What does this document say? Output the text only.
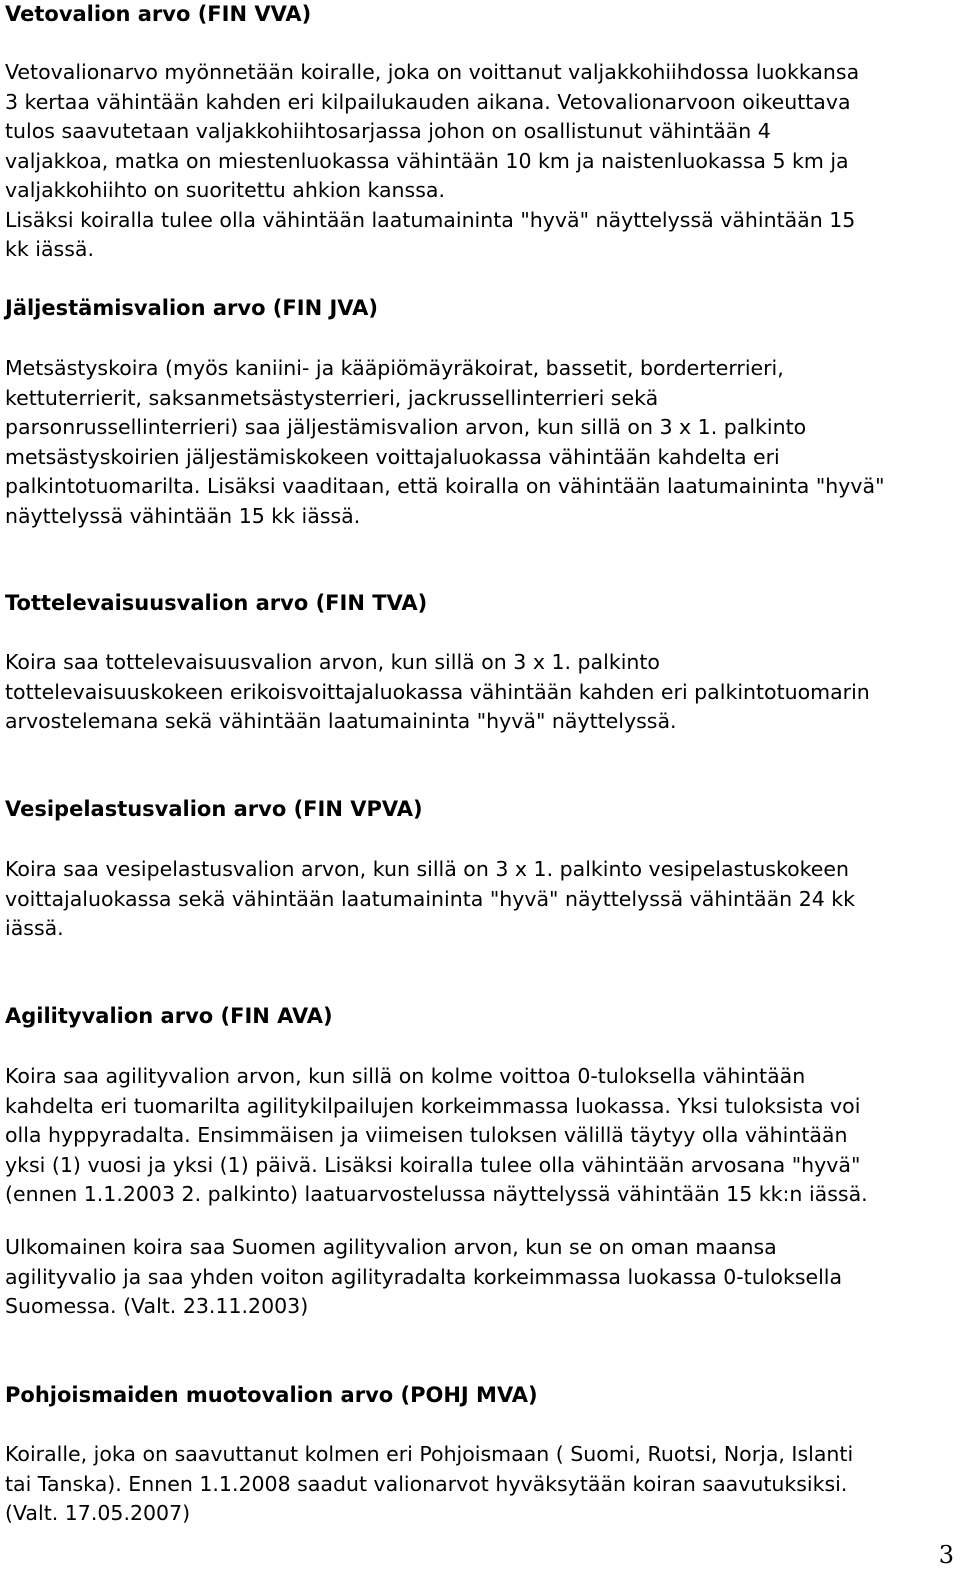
Vetovalion arvo (FIN VVA)

Vetovalionarvo myönnetään koiralle, joka on voittanut valjakkohiihdossa luokkansa
3 kertaa vähintään kahden eri kilpailukauden aikana. Vetovalionarvoon oikeuttava
tulos saavutetaan valjakkohiihtosarjassa johon on osallistunut vähintään 4
valjakkoa, matka on miestenluokassa vähintään 10 km ja naistenluokassa 5 km ja
valjakkohiihto on suoritettu ahkion kanssa.
Lisäksi koiralla tulee olla vähintään laatumainintа "hyvä" näyttelyssä vähintään 15
kk iässä.

Jäljestämisvalion arvo (FIN JVA)

Metsästyskoira (myös kaniini- ja kääpiömäyräkoirat, bassetit, borderterrieri,
kettuterrierit, saksanmetsästysterrieri, jackrussellinterrieri sekä
parsonrussellinterrieri) saa jäljestämisvalion arvon, kun sillä on 3 x 1. palkinto
metsästyskoirien jäljestämiskokeen voittajaluokassa vähintään kahdelta eri
palkintotuomarilta. Lisäksi vaaditaan, että koiralla on vähintään laatumainintа "hyvä"
näyttelyssä vähintään 15 kk iässä.

Tottelevaisuusvalion arvo (FIN TVA)

Koira saa tottelevaisuusvalion arvon, kun sillä on 3 x 1. palkinto
tottelevaisuuskokeen erikoisvoittajaluokassa vähintään kahden eri palkintotuomarin
arvostelemana sekä vähintään laatumainintа "hyvä" näyttelyssä.

Vesipelastusvalion arvo (FIN VPVA)

Koira saa vesipelastusvalion arvon, kun sillä on 3 x 1. palkinto vesipelastuskokeen
voittajaluokassa sekä vähintään laatumainintа "hyvä" näyttelyssä vähintään 24 kk
iässä.

Agilityvalion arvo (FIN AVA)

Koira saa agilityvalion arvon, kun sillä on kolme voittoa 0-tuloksella vähintään
kahdelta eri tuomarilta agilitykilpailujen korkeimmassa luokassa. Yksi tuloksista voi
olla hyppyradalta. Ensimmäisen ja viimeisen tuloksen välillä täytyy olla vähintään
yksi (1) vuosi ja yksi (1) päivä. Lisäksi koiralla tulee olla vähintään arvosana "hyvä"
(ennen 1.1.2003 2. palkinto) laatuarvostelussa näyttelyssä vähintään 15 kk:n iässä.

Ulkomainen koira saa Suomen agilityvalion arvon, kun se on oman maansa
agilityvalio ja saa yhden voiton agilityradalta korkeimmassa luokassa 0-tuloksella
Suomessa. (Valt. 23.11.2003)

Pohjoismaiden muotovalion arvo (POHJ MVA)

Koiralle, joka on saavuttanut kolmen eri Pohjoismaan ( Suomi, Ruotsi, Norja, Islanti
tai Tanska). Ennen 1.1.2008 saadut valionarvot hyväksytään koiran saavutuksiksi.
(Valt. 17.05.2007)

3
